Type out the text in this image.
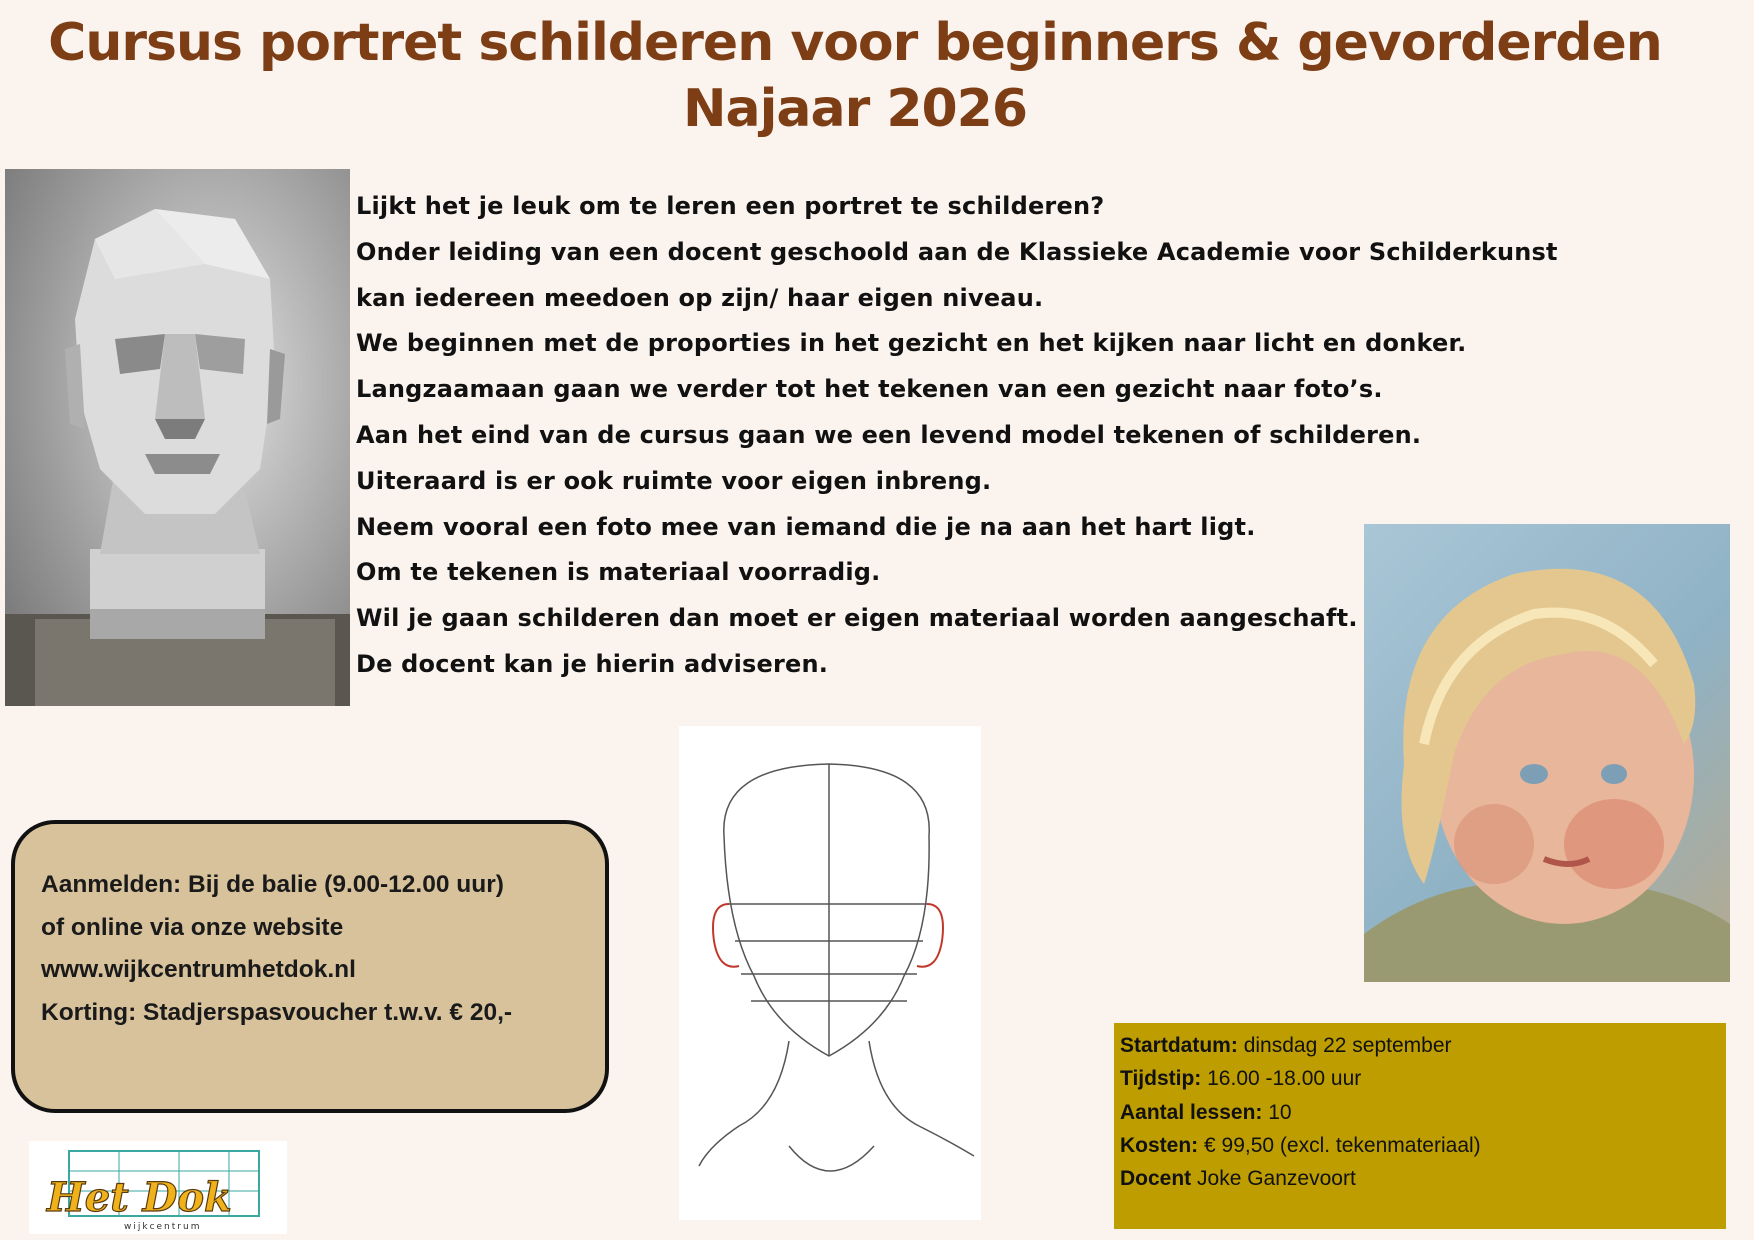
Cursus portret schilderen voor beginners & gevorderden
Najaar 2026
Lijkt het je leuk om te leren een portret te schilderen?
Onder leiding van een docent geschoold aan de Klassieke Academie voor Schilderkunst
kan iedereen meedoen op zijn/ haar eigen niveau.
We beginnen met de proporties in het gezicht en het kijken naar licht en donker.
Langzaamaan gaan we verder tot het tekenen van een gezicht naar foto’s.
Aan het eind van de cursus gaan we een levend model tekenen of schilderen.
Uiteraard is er ook ruimte voor eigen inbreng.
Neem vooral een foto mee van iemand die je na aan het hart ligt.
Om te tekenen is materiaal voorradig.
Wil je gaan schilderen dan moet er eigen materiaal worden aangeschaft.
De docent kan je hierin adviseren.
Aanmelden: Bij de balie (9.00-12.00 uur)
of online via onze website
www.wijkcentrumhetdok.nl
Korting: Stadjerspasvoucher t.w.v. € 20,-
Startdatum: dinsdag 22 september
Tijdstip: 16.00 -18.00 uur
Aantal lessen: 10
Kosten: € 99,50 (excl. tekenmateriaal)
Docent Joke Ganzevoort
Het Dok
wijkcentrum
